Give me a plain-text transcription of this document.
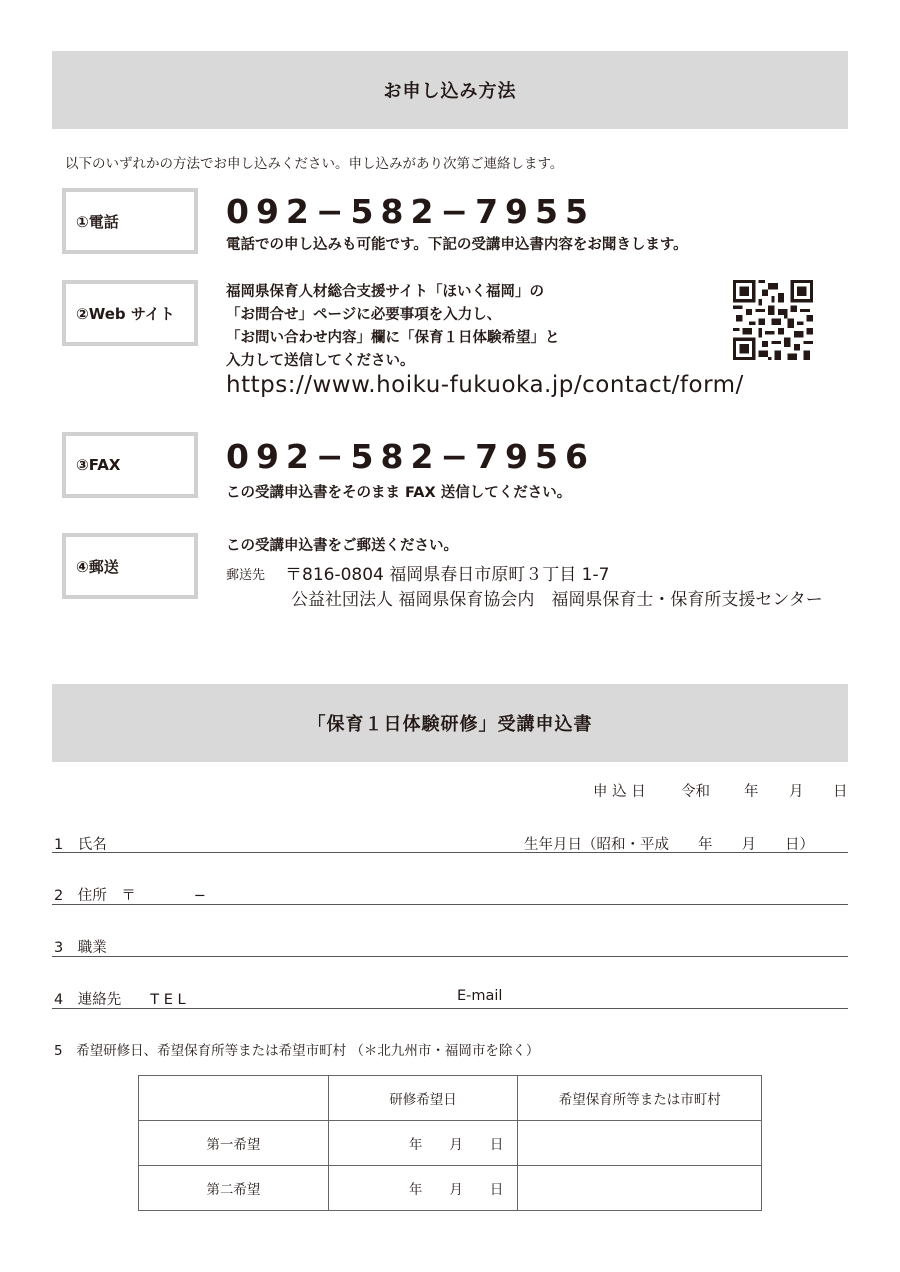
お申し込み方法
以下のいずれかの方法でお申し込みください。申し込みがあり次第ご連絡します。
①電話	092−582−7955
電話での申し込みも可能です。下記の受講申込書内容をお聞きします。
②Web サイト
福岡県保育人材総合支援サイト「ほいく福岡」の
「お問合せ」ページに必要事項を入力し、
「お問い合わせ内容」欄に「保育１日体験希望」と
入力して送信してください。
https://www.hoiku-fukuoka.jp/contact/form/
③FAX	092−582−7956
この受講申込書をそのまま FAX 送信してください。
④郵送
この受講申込書をご郵送ください。
郵送先 〒816-0804 福岡県春日市原町３丁目 1-7
公益社団法人 福岡県保育協会内　福岡県保育士・保育所支援センター
「保育１日体験研修」受講申込書
申 込 日 令和 年 月 日
1　氏名	生年月日（昭和・平成　　年　　月　　日）
2　住所　〒　　　　−
3　職業
4　連絡先　　T E L	E-mail
5　希望研修日、希望保育所等または希望市町村 （＊北九州市・福岡市を除く）
	研修希望日	希望保育所等または市町村
第一希望	年　　月　　日	
第二希望	年　　月　　日	
